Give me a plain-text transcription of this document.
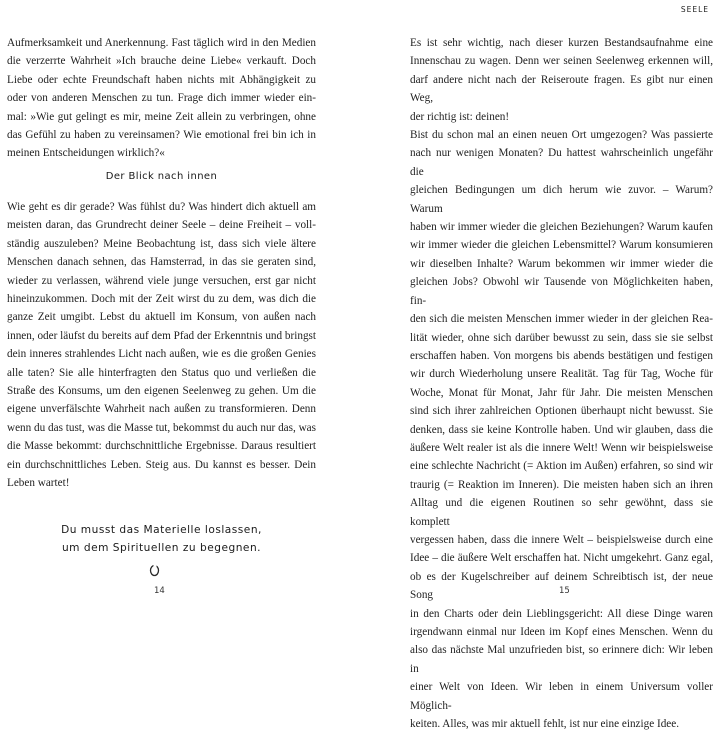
Aufmerksamkeit und Anerkennung. Fast täglich wird in den Medien

die verzerrte Wahrheit »Ich brauche deine Liebe« verkauft. Doch

Liebe oder echte Freundschaft haben nichts mit Abhängigkeit zu

oder von anderen Menschen zu tun. Frage dich immer wieder ein-

mal: »Wie gut gelingt es mir, meine Zeit allein zu verbringen, ohne

das Gefühl zu haben zu vereinsamen? Wie emotional frei bin ich in

meinen Entscheidungen wirklich?«

Der Blick nach innen

Wie geht es dir gerade? Was fühlst du? Was hindert dich aktuell am

meisten daran, das Grundrecht deiner Seele – deine Freiheit – voll-

ständig auszuleben? Meine Beobachtung ist, dass sich viele ältere

Menschen danach sehnen, das Hamsterrad, in das sie geraten sind,

wieder zu verlassen, während viele junge versuchen, erst gar nicht

hineinzukommen. Doch mit der Zeit wirst du zu dem, was dich die

ganze Zeit umgibt. Lebst du aktuell im Konsum, von außen nach

innen, oder läufst du bereits auf dem Pfad der Erkenntnis und bringst

dein inneres strahlendes Licht nach außen, wie es die großen Genies

alle taten? Sie alle hinterfragten den Status quo und verließen die

Straße des Konsums, um den eigenen Seelenweg zu gehen. Um die

eigene unverfälschte Wahrheit nach außen zu transformieren. Denn

wenn du das tust, was die Masse tut, bekommst du auch nur das, was

die Masse bekommt: durchschnittliche Ergebnisse. Daraus resultiert

ein durchschnittliches Leben. Steig aus. Du kannst es besser. Dein

Leben wartet!

Du musst das Materielle loslassen,
um dem Spirituellen zu begegnen.
14
SEELE

Es ist sehr wichtig, nach dieser kurzen Bestandsaufnahme eine

Innenschau zu wagen. Denn wer seinen Seelenweg erkennen will,

darf andere nicht nach der Reiseroute fragen. Es gibt nur einen Weg,

der richtig ist: deinen!

Bist du schon mal an einen neuen Ort umgezogen? Was passierte

nach nur wenigen Monaten? Du hattest wahrscheinlich ungefähr die

gleichen Bedingungen um dich herum wie zuvor. – Warum? Warum

haben wir immer wieder die gleichen Beziehungen? Warum kaufen

wir immer wieder die gleichen Lebensmittel? Warum konsumieren

wir dieselben Inhalte? Warum bekommen wir immer wieder die

gleichen Jobs? Obwohl wir Tausende von Möglichkeiten haben, fin-

den sich die meisten Menschen immer wieder in der gleichen Rea-

lität wieder, ohne sich darüber bewusst zu sein, dass sie sie selbst

erschaffen haben. Von morgens bis abends bestätigen und festigen

wir durch Wiederholung unsere Realität. Tag für Tag, Woche für

Woche, Monat für Monat, Jahr für Jahr. Die meisten Menschen

sind sich ihrer zahlreichen Optionen überhaupt nicht bewusst. Sie

denken, dass sie keine Kontrolle haben. Und wir glauben, dass die

äußere Welt realer ist als die innere Welt! Wenn wir beispielsweise

eine schlechte Nachricht (= Aktion im Außen) erfahren, so sind wir

traurig (= Reaktion im Inneren). Die meisten haben sich an ihren

Alltag und die eigenen Routinen so sehr gewöhnt, dass sie komplett

vergessen haben, dass die innere Welt – beispielsweise durch eine

Idee – die äußere Welt erschaffen hat. Nicht umgekehrt. Ganz egal,

ob es der Kugelschreiber auf deinem Schreibtisch ist, der neue Song

in den Charts oder dein Lieblingsgericht: All diese Dinge waren

irgendwann einmal nur Ideen im Kopf eines Menschen. Wenn du

also das nächste Mal unzufrieden bist, so erinnere dich: Wir leben in

einer Welt von Ideen. Wir leben in einem Universum voller Möglich-

keiten. Alles, was mir aktuell fehlt, ist nur eine einzige Idee.

15
